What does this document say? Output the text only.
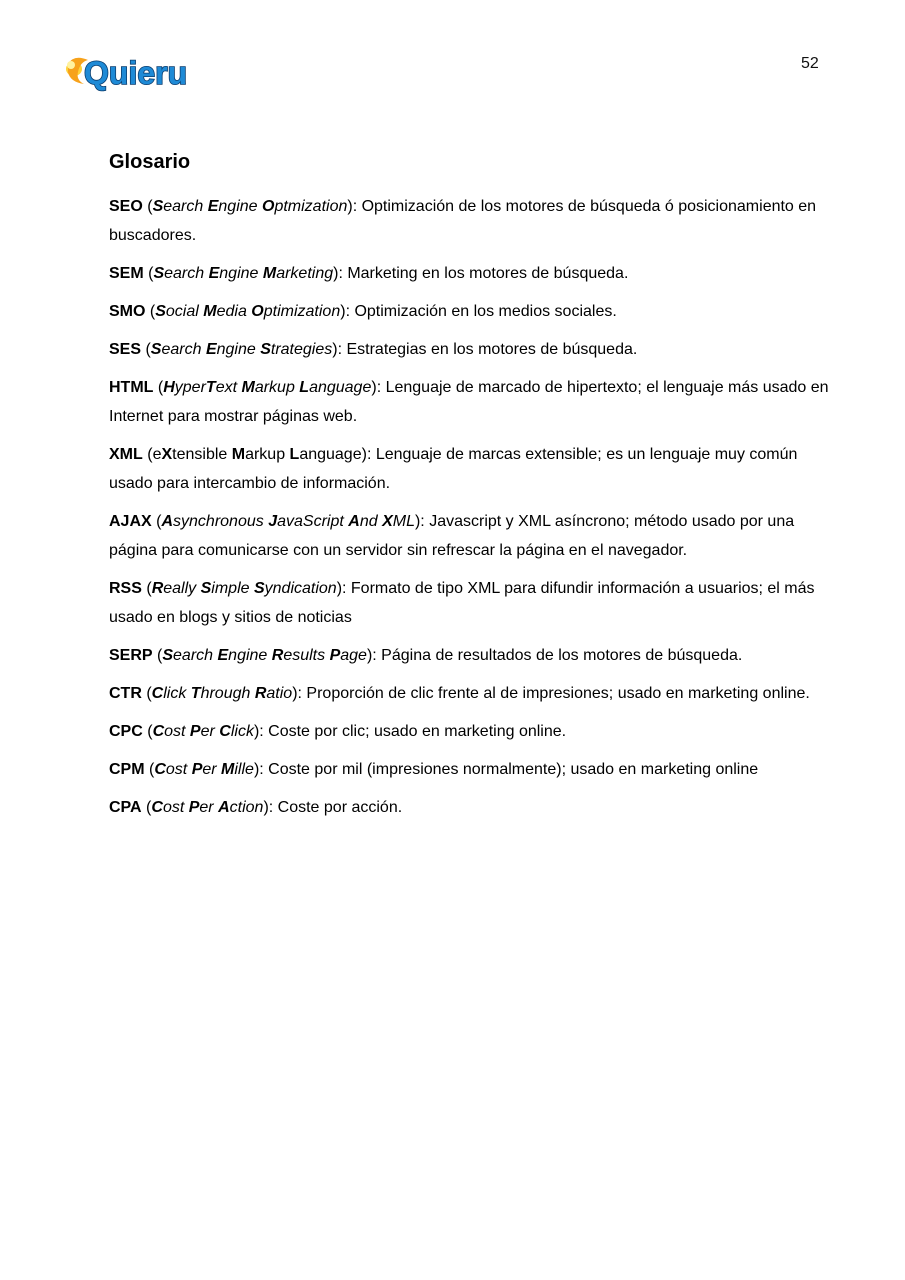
Quieru	52
Glosario

SEO (Search Engine Optmization): Optimización de los motores de búsqueda ó posicionamiento en buscadores.

SEM (Search Engine Marketing): Marketing en los motores de búsqueda.

SMO (Social Media Optimization): Optimización en los medios sociales.

SES (Search Engine Strategies): Estrategias en los motores de búsqueda.

HTML (HyperText Markup Language): Lenguaje de marcado de hipertexto; el lenguaje más usado en Internet para mostrar páginas web.

XML (eXtensible Markup Language): Lenguaje de marcas extensible; es un lenguaje muy común usado para intercambio de información.

AJAX (Asynchronous JavaScript And XML): Javascript y XML asíncrono; método usado por una página para comunicarse con un servidor sin refrescar la página en el navegador.

RSS (Really Simple Syndication): Formato de tipo XML para difundir información a usuarios; el más usado en blogs y sitios de noticias

SERP (Search Engine Results Page): Página de resultados de los motores de búsqueda.

CTR (Click Through Ratio): Proporción de clic frente al de impresiones; usado en marketing online.

CPC (Cost Per Click): Coste por clic; usado en marketing online.

CPM (Cost Per Mille): Coste por mil (impresiones normalmente); usado en marketing online

CPA (Cost Per Action): Coste por acción.
